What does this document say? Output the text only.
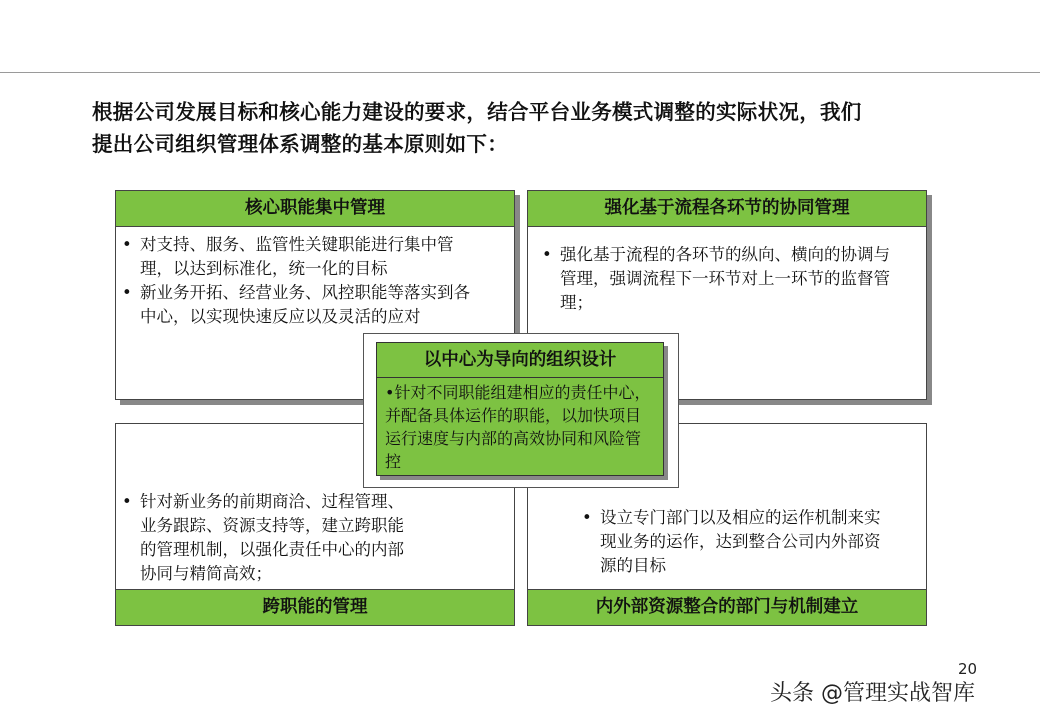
根据公司发展目标和核心能力建设的要求，结合平台业务模式调整的实际状况，我们
提出公司组织管理体系调整的基本原则如下：
核心职能集中管理
• 对支持、服务、监管性关键职能进行集中管理，以达到标准化，统一化的目标
• 新业务开拓、经营业务、风控职能等落实到各中心，以实现快速反应以及灵活的应对
强化基于流程各环节的协同管理
• 强化基于流程的各环节的纵向、横向的协调与管理，强调流程下一环节对上一环节的监督管理；
• 针对新业务的前期商洽、过程管理、业务跟踪、资源支持等，建立跨职能的管理机制，以强化责任中心的内部协同与精简高效；
跨职能的管理
• 设立专门部门以及相应的运作机制来实现业务的运作，达到整合公司内外部资源的目标
内外部资源整合的部门与机制建立
以中心为导向的组织设计
•针对不同职能组建相应的责任中心，并配备具体运作的职能，以加快项目运行速度与内部的高效协同和风险管控
20
头条 @管理实战智库
